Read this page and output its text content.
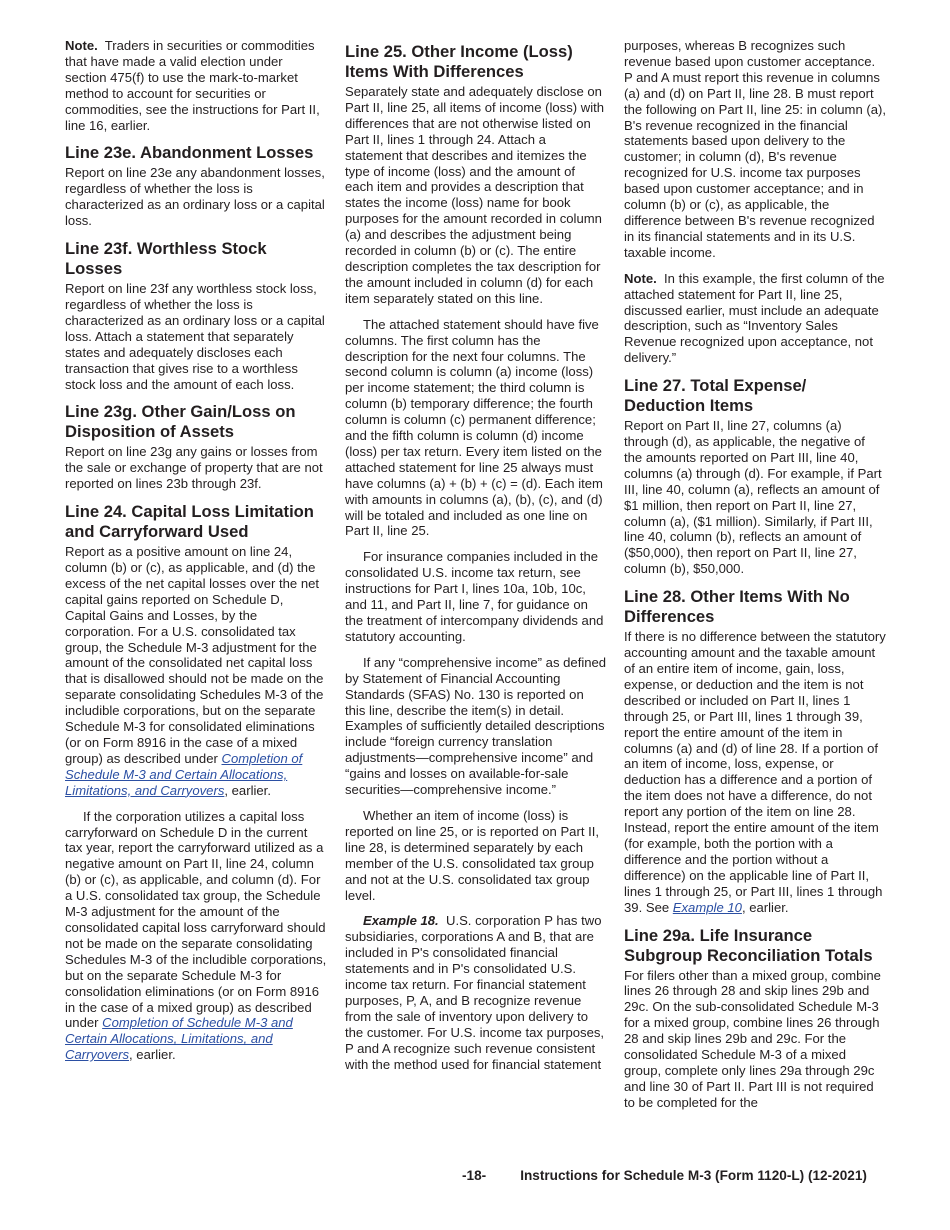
Note. Traders in securities or commodities that have made a valid election under section 475(f) to use the mark-to-market method to account for securities or commodities, see the instructions for Part II, line 16, earlier.

Line 23e. Abandonment Losses

Report on line 23e any abandonment losses, regardless of whether the loss is characterized as an ordinary loss or a capital loss.

Line 23f. Worthless Stock Losses

Report on line 23f any worthless stock loss, regardless of whether the loss is characterized as an ordinary loss or a capital loss. Attach a statement that separately states and adequately discloses each transaction that gives rise to a worthless stock loss and the amount of each loss.

Line 23g. Other Gain/Loss on Disposition of Assets

Report on line 23g any gains or losses from the sale or exchange of property that are not reported on lines 23b through 23f.

Line 24. Capital Loss Limitation and Carryforward Used

Report as a positive amount on line 24, column (b) or (c), as applicable, and (d) the excess of the net capital losses over the net capital gains reported on Schedule D, Capital Gains and Losses, by the corporation. For a U.S. consolidated tax group, the Schedule M-3 adjustment for the amount of the consolidated net capital loss that is disallowed should not be made on the separate consolidating Schedules M-3 of the includible corporations, but on the separate Schedule M-3 for consolidated eliminations (or on Form 8916 in the case of a mixed group) as described under Completion of Schedule M-3 and Certain Allocations, Limitations, and Carryovers, earlier.

If the corporation utilizes a capital loss carryforward on Schedule D in the current tax year, report the carryforward utilized as a negative amount on Part II, line 24, column (b) or (c), as applicable, and column (d). For a U.S. consolidated tax group, the Schedule M-3 adjustment for the amount of the consolidated capital loss carryforward should not be made on the separate consolidating Schedules M-3 of the includible corporations, but on the separate Schedule M-3 for consolidation eliminations (or on Form 8916 in the case of a mixed group) as described under Completion of Schedule M-3 and Certain Allocations, Limitations, and Carryovers, earlier.

Line 25. Other Income (Loss) Items With Differences

Separately state and adequately disclose on Part II, line 25, all items of income (loss) with differences that are not otherwise listed on Part II, lines 1 through 24. Attach a statement that describes and itemizes the type of income (loss) and the amount of each item and provides a description that states the income (loss) name for book purposes for the amount recorded in column (a) and describes the adjustment being recorded in column (b) or (c). The entire description completes the tax description for the amount included in column (d) for each item separately stated on this line.

The attached statement should have five columns. The first column has the description for the next four columns. The second column is column (a) income (loss) per income statement; the third column is column (b) temporary difference; the fourth column is column (c) permanent difference; and the fifth column is column (d) income (loss) per tax return. Every item listed on the attached statement for line 25 always must have columns (a) + (b) + (c) = (d). Each item with amounts in columns (a), (b), (c), and (d) will be totaled and included as one line on Part II, line 25.

For insurance companies included in the consolidated U.S. income tax return, see instructions for Part I, lines 10a, 10b, 10c, and 11, and Part II, line 7, for guidance on the treatment of intercompany dividends and statutory accounting.

If any “comprehensive income” as defined by Statement of Financial Accounting Standards (SFAS) No. 130 is reported on this line, describe the item(s) in detail. Examples of sufficiently detailed descriptions include “foreign currency translation adjustments—comprehensive income” and “gains and losses on available-for-sale securities—comprehensive income.”

Whether an item of income (loss) is reported on line 25, or is reported on Part II, line 28, is determined separately by each member of the U.S. consolidated tax group and not at the U.S. consolidated tax group level.

Example 18. U.S. corporation P has two subsidiaries, corporations A and B, that are included in P's consolidated financial statements and in P's consolidated U.S. income tax return. For financial statement purposes, P, A, and B recognize revenue from the sale of inventory upon delivery to the customer. For U.S. income tax purposes, P and A recognize such revenue consistent with the method used for financial statement

purposes, whereas B recognizes such revenue based upon customer acceptance. P and A must report this revenue in columns (a) and (d) on Part II, line 28. B must report the following on Part II, line 25: in column (a), B's revenue recognized in the financial statements based upon delivery to the customer; in column (d), B's revenue recognized for U.S. income tax purposes based upon customer acceptance; and in column (b) or (c), as applicable, the difference between B's revenue recognized in its financial statements and in its U.S. taxable income.

Note. In this example, the first column of the attached statement for Part II, line 25, discussed earlier, must include an adequate description, such as “Inventory Sales Revenue recognized upon acceptance, not delivery.”

Line 27. Total Expense/ Deduction Items

Report on Part II, line 27, columns (a) through (d), as applicable, the negative of the amounts reported on Part III, line 40, columns (a) through (d). For example, if Part III, line 40, column (a), reflects an amount of $1 million, then report on Part II, line 27, column (a), ($1 million). Similarly, if Part III, line 40, column (b), reflects an amount of ($50,000), then report on Part II, line 27, column (b), $50,000.

Line 28. Other Items With No Differences

If there is no difference between the statutory accounting amount and the taxable amount of an entire item of income, gain, loss, expense, or deduction and the item is not described or included on Part II, lines 1 through 25, or Part III, lines 1 through 39, report the entire amount of the item in columns (a) and (d) of line 28. If a portion of an item of income, loss, expense, or deduction has a difference and a portion of the item does not have a difference, do not report any portion of the item on line 28. Instead, report the entire amount of the item (for example, both the portion with a difference and the portion without a difference) on the applicable line of Part II, lines 1 through 25, or Part III, lines 1 through 39. See Example 10, earlier.

Line 29a. Life Insurance Subgroup Reconciliation Totals

For filers other than a mixed group, combine lines 26 through 28 and skip lines 29b and 29c. On the sub-consolidated Schedule M-3 for a mixed group, combine lines 26 through 28 and skip lines 29b and 29c. For the consolidated Schedule M-3 of a mixed group, complete only lines 29a through 29c and line 30 of Part II. Part III is not required to be completed for the

-18-	Instructions for Schedule M-3 (Form 1120-L) (12-2021)
